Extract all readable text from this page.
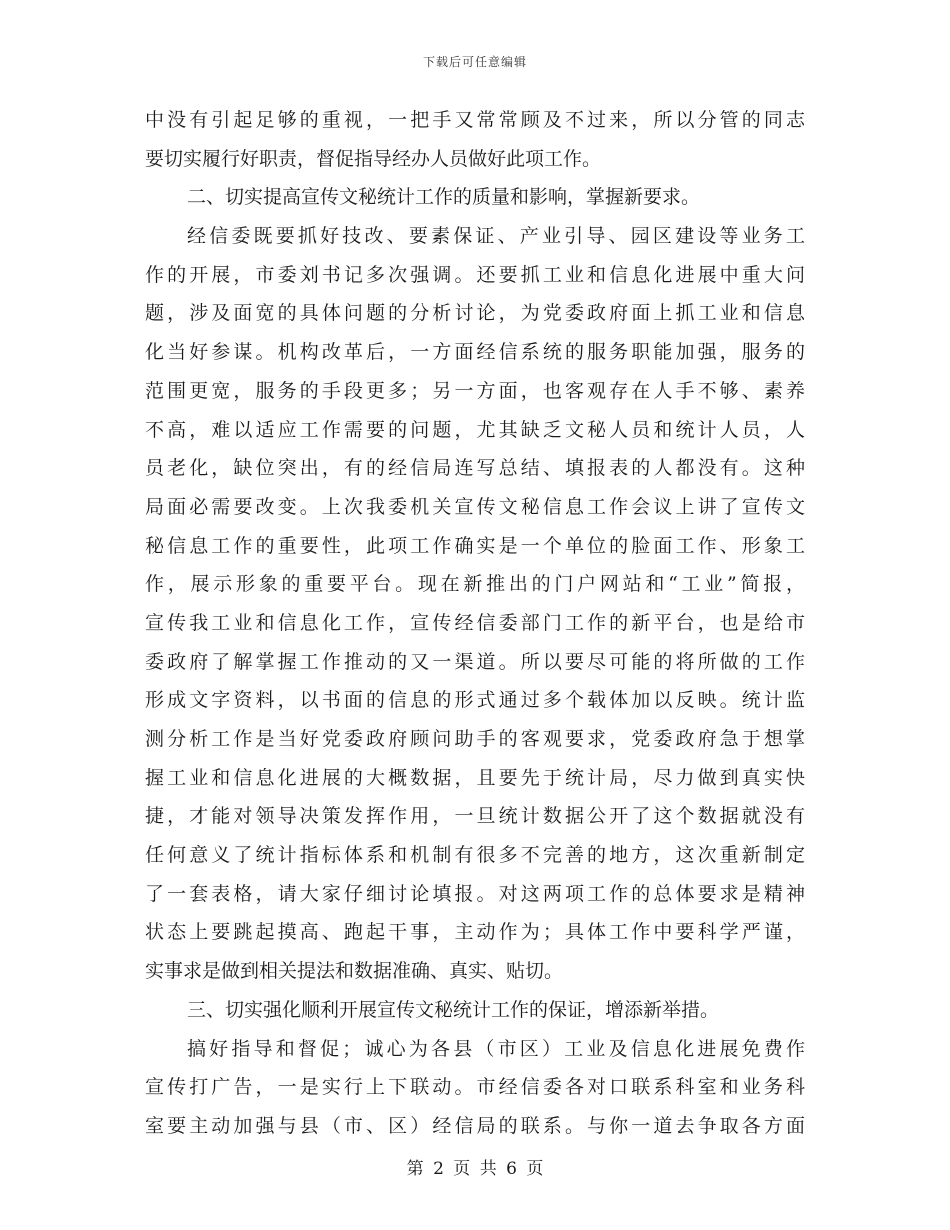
下载后可任意编辑
中没有引起足够的重视，一把手又常常顾及不过来，所以分管的同志
要切实履行好职责，督促指导经办人员做好此项工作。
二、切实提高宣传文秘统计工作的质量和影响，掌握新要求。
经信委既要抓好技改、要素保证、产业引导、园区建设等业务工
作的开展，市委刘书记多次强调。还要抓工业和信息化进展中重大问
题，涉及面宽的具体问题的分析讨论，为党委政府面上抓工业和信息
化当好参谋。机构改革后，一方面经信系统的服务职能加强，服务的
范围更宽，服务的手段更多；另一方面，也客观存在人手不够、素养
不高，难以适应工作需要的问题，尤其缺乏文秘人员和统计人员，人
员老化，缺位突出，有的经信局连写总结、填报表的人都没有。这种
局面必需要改变。上次我委机关宣传文秘信息工作会议上讲了宣传文
秘信息工作的重要性，此项工作确实是一个单位的脸面工作、形象工
作，展示形象的重要平台。现在新推出的门户网站和“工业”简报，
宣传我工业和信息化工作，宣传经信委部门工作的新平台，也是给市
委政府了解掌握工作推动的又一渠道。所以要尽可能的将所做的工作
形成文字资料，以书面的信息的形式通过多个载体加以反映。统计监
测分析工作是当好党委政府顾问助手的客观要求，党委政府急于想掌
握工业和信息化进展的大概数据，且要先于统计局，尽力做到真实快
捷，才能对领导决策发挥作用，一旦统计数据公开了这个数据就没有
任何意义了统计指标体系和机制有很多不完善的地方，这次重新制定
了一套表格，请大家仔细讨论填报。对这两项工作的总体要求是精神
状态上要跳起摸高、跑起干事，主动作为；具体工作中要科学严谨，
实事求是做到相关提法和数据准确、真实、贴切。
三、切实强化顺利开展宣传文秘统计工作的保证，增添新举措。
搞好指导和督促；诚心为各县（市区）工业及信息化进展免费作
宣传打广告，一是实行上下联动。市经信委各对口联系科室和业务科
室要主动加强与县（市、区）经信局的联系。与你一道去争取各方面
第 2 页 共 6 页
